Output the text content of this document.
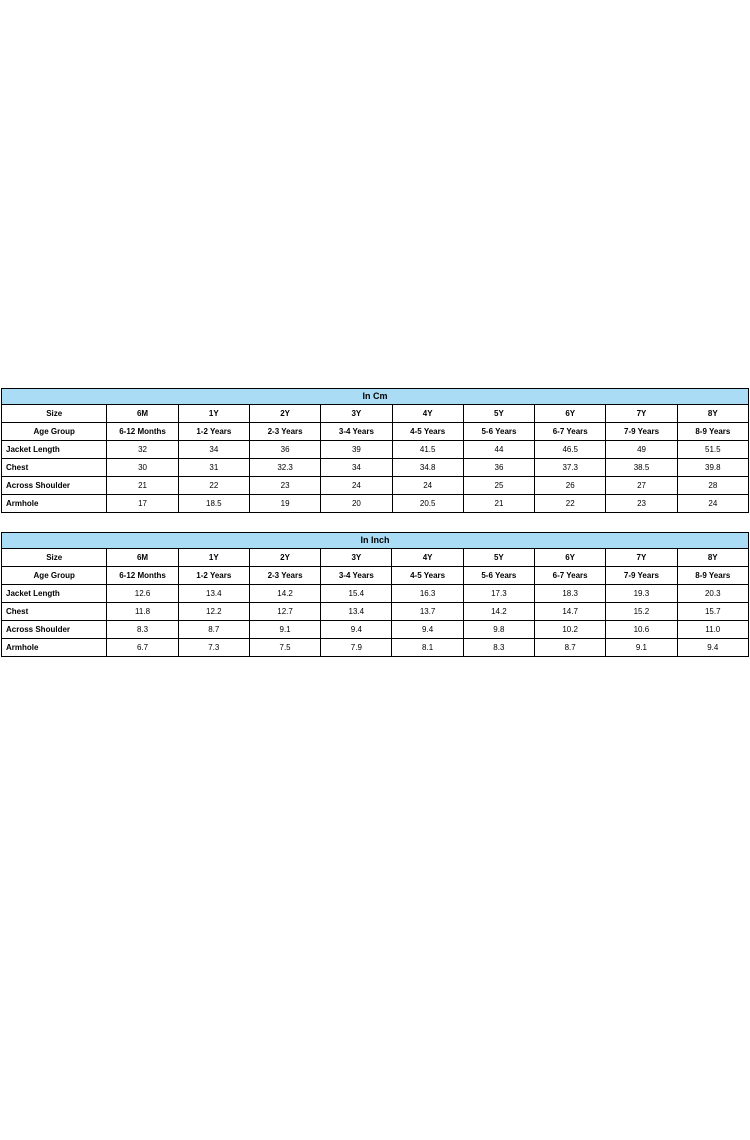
In Cm									
Size	6M	1Y	2Y	3Y	4Y	5Y	6Y	7Y	8Y
Age Group	6-12 Months	1-2 Years	2-3 Years	3-4 Years	4-5 Years	5-6 Years	6-7 Years	7-9 Years	8-9 Years
Jacket Length	32	34	36	39	41.5	44	46.5	49	51.5
Chest	30	31	32.3	34	34.8	36	37.3	38.5	39.8
Across Shoulder	21	22	23	24	24	25	26	27	28
Armhole	17	18.5	19	20	20.5	21	22	23	24
In Inch									
Size	6M	1Y	2Y	3Y	4Y	5Y	6Y	7Y	8Y
Age Group	6-12 Months	1-2 Years	2-3 Years	3-4 Years	4-5 Years	5-6 Years	6-7 Years	7-9 Years	8-9 Years
Jacket Length	12.6	13.4	14.2	15.4	16.3	17.3	18.3	19.3	20.3
Chest	11.8	12.2	12.7	13.4	13.7	14.2	14.7	15.2	15.7
Across Shoulder	8.3	8.7	9.1	9.4	9.4	9.8	10.2	10.6	11.0
Armhole	6.7	7.3	7.5	7.9	8.1	8.3	8.7	9.1	9.4
